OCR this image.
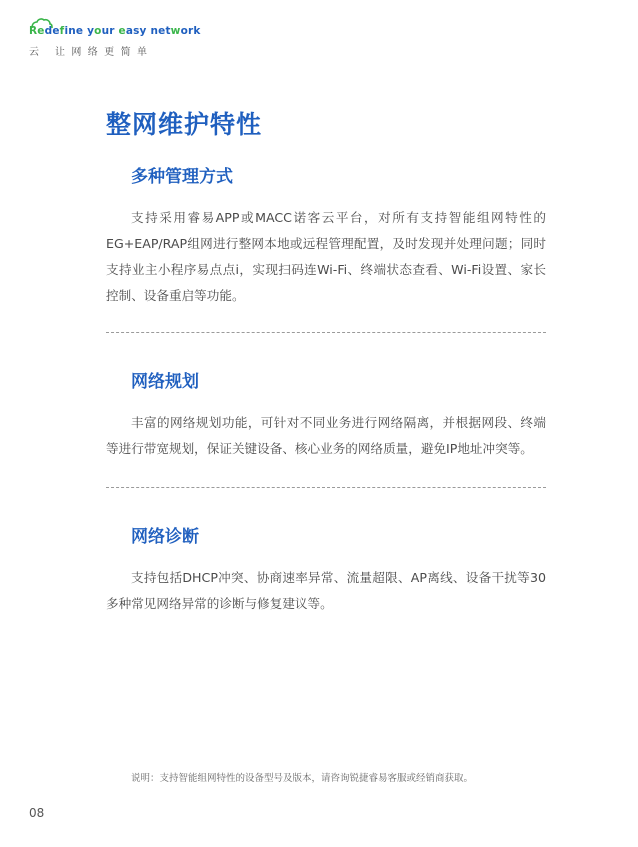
Redefine your easy network
云 让网络更简单
整网维护特性
多种管理方式

支持采用睿易APP或MACC诺客云平台，对所有支持智能组网特性的EG+EAP/RAP组网进行整网本地或远程管理配置，及时发现并处理问题；同时支持业主小程序易点点i，实现扫码连Wi-Fi、终端状态查看、Wi-Fi设置、家长控制、设备重启等功能。

网络规划

丰富的网络规划功能，可针对不同业务进行网络隔离，并根据网段、终端等进行带宽规划，保证关键设备、核心业务的网络质量，避免IP地址冲突等。

网络诊断

支持包括DHCP冲突、协商速率异常、流量超限、AP离线、设备干扰等30多种常见网络异常的诊断与修复建议等。

说明：支持智能组网特性的设备型号及版本，请咨询锐捷睿易客服或经销商获取。
08
